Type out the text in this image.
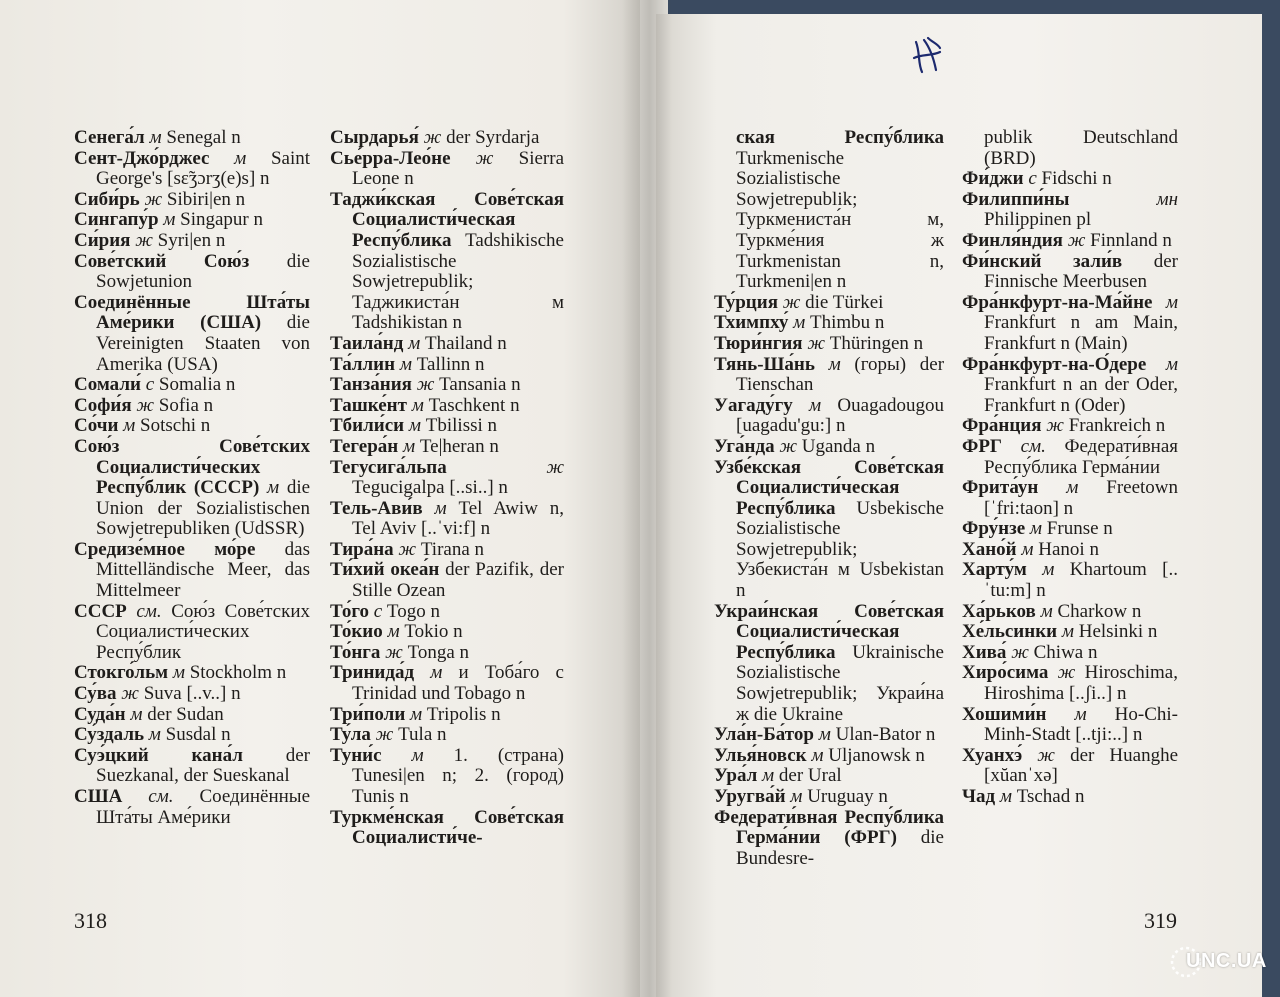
Сенега́л м Senegal n

Сент-Джо́рджес м Saint George's [sɛ̃ʒɔrʒ(e)s] n

Сиби́рь ж Sibiri|en n

Сингапу́р м Singapur n

Си́рия ж Syri|en n

Сове́тский Сою́з die Sowjetunion

Соединённые Шта́ты Аме́рики (США) die Vereinigten Staaten von Amerika (USA)

Сомали́ с Somalia n

Софи́я ж Sofia n

Со́чи м Sotschi n

Сою́з Сове́тских Социалисти́ческих Респу́блик (СССР) м die Union der Sozialistischen Sowjetrepubliken (UdSSR)

Средизе́мное мо́ре das Mittelländische Meer, das Mittelmeer

СССР см. Сою́з Сове́тских Социалисти́ческих Респу́блик

Стокго́льм м Stockholm n

Су́ва ж Suva [..v..] n

Суда́н м der Sudan

Су́здаль м Susdal n

Суэ́цкий кана́л der Suezkanal, der Sueskanal

США см. Соединённые Шта́ты Аме́рики

Сырдарья́ ж der Syrdarja

Сье́рра-Лео́не ж Sierra Leone n

Таджи́кская Сове́тская Социалисти́ческая Респу́блика Tadshikische Sozialistische Sowjetrepublik; Таджикиста́н м Tadshikistan n

Таила́нд м Thailand n

Та́ллин м Tallinn n

Танза́ния ж Tansania n

Ташке́нт м Taschkent n

Тбили́си м Tbilissi n

Тегера́н м Te|heran n

Тегусига́льпа	ж Tegucigalpa [..si..] n

Тель-Ави́в м Tel Awiw n, Tel Aviv [..ˈvi:f] n

Тира́на ж Tirana n

Ти́хий океа́н der Pazifik, der Stille Ozean

То́го с Togo n

То́кио м Tokio n

То́нга ж Tonga n

Тринида́д м и Тоба́го с Trinidad und Tobago n

Три́поли м Tripolis n

Ту́ла ж Tula n

Туни́с м 1. (страна) Tunesi|en n; 2. (город) Tunis n

Туркме́нская Сове́тская Социалисти́че-

ская Респу́блика Turkmenische Sozialistische Sowjetrepublik; Туркмениста́н м, Туркме́ния ж Turkmenistan n, Turkmeni|en n

Ту́рция ж die Türkei

Тхимпху́ м Thimbu n

Тюри́нгия ж Thüringen n

Тянь-Ша́нь м (горы) der Tienschan

Уагаду́гу м Ouagadougou [uagadu'gu:] n

Уга́нда ж Uganda n

Узбе́кская Сове́тская Социалисти́ческая Респу́блика Usbekische Sozialistische Sowjetrepublik; Узбекиста́н м Usbekistan n

Украи́нская Сове́тская Социалисти́ческая Респу́блика Ukrainische Sozialistische Sowjetrepublik; Украи́на ж die Ukraine

Ула́н-Ба́тор м Ulan-Bator n

Улья́новск м Uljanowsk n

Ура́л м der Ural

Уругва́й м Uruguay n

Федерати́вная Респу́блика Герма́нии (ФРГ) die Bundesre-

publik Deutschland (BRD)

Фи́джи с Fidschi n

Филиппи́ны	мн Philippinen pl

Финля́ндия ж Finnland n

Фи́нский зали́в der Finnische Meerbusen

Фра́нкфурт-на-Ма́йне м Frankfurt n am Main, Frankfurt n (Main)

Фра́нкфурт-на-О́дере м Frankfurt n an der Oder, Frankfurt n (Oder)

Фра́нция ж Frankreich n

ФРГ см. Федерати́вная Респу́блика Герма́нии

Фрита́ун м Freetown [ˈfri:taon] n

Фру́нзе м Frunse n

Хано́й м Hanoi n

Харту́м м Khartoum [..ˈtu:m] n

Ха́рьков м Charkow n

Хе́льсинки м Helsinki n

Хива́ ж Chiwa n

Хиро́сима ж Hiroschima, Hiroshima [..ʃi..] n

Хошими́н м Ho-Chi-Minh-Stadt [..tji:..] n

Хуанхэ́ ж der Huanghe [xŭanˈxə]

Чад м Tschad n

318	319
UNC.UA
